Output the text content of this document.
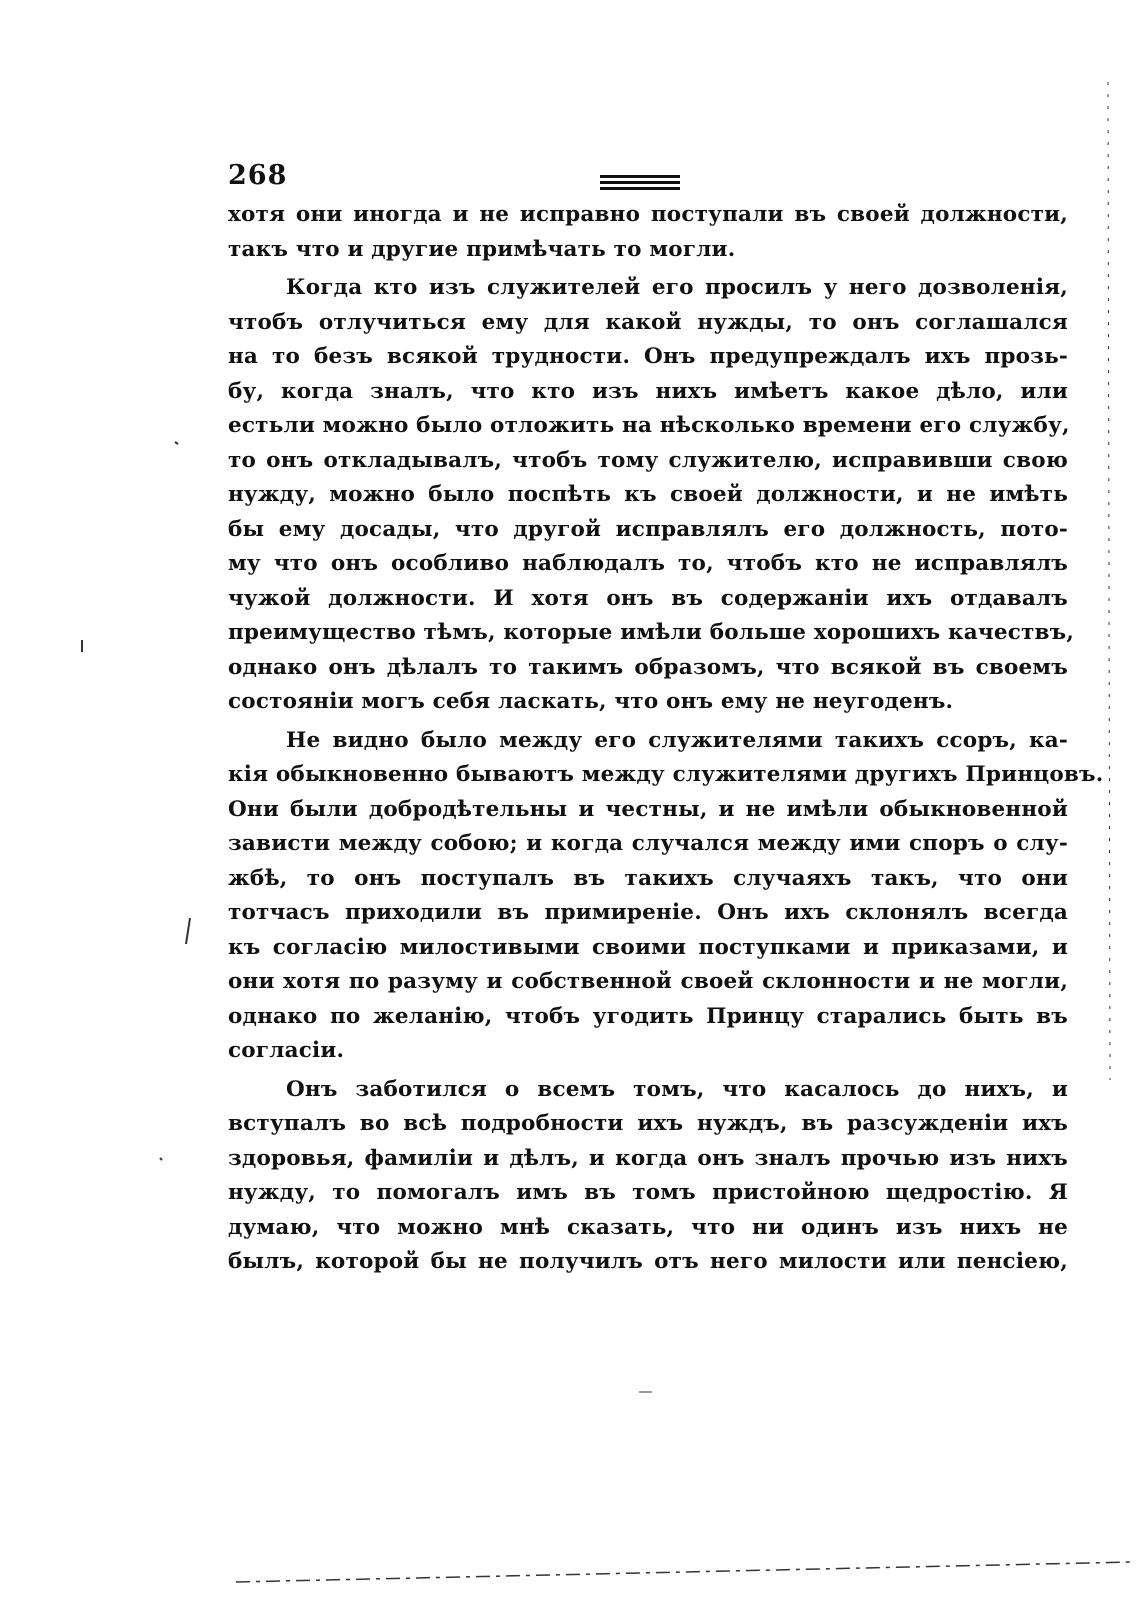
268
хотя они иногда и не исправно поступали въ своей должности,
такъ что и другие примѣчать то могли.
Когда кто изъ служителей его просилъ у него дозволенія,
чтобъ отлучиться ему для какой нужды, то онъ соглашался
на то безъ всякой трудности. Онъ предупреждалъ ихъ прозь-
бу, когда зналъ, что кто изъ нихъ имѣетъ какое дѣло, или
естьли можно было отложить на нѣсколько времени его службу,
то онъ откладывалъ, чтобъ тому служителю, исправивши свою
нужду, можно было поспѣть къ своей должности, и не имѣть
бы ему досады, что другой исправлялъ его должность, пото-
му что онъ особливо наблюдалъ то, чтобъ кто не исправлялъ
чужой должности. И хотя онъ въ содержаніи ихъ отдавалъ
преимущество тѣмъ, которые имѣли больше хорошихъ качествъ,
однако онъ дѣлалъ то такимъ образомъ, что всякой въ своемъ
состояніи могъ себя ласкать, что онъ ему не неугоденъ.
Не видно было между его служителями такихъ ссоръ, ка-
кія обыкновенно бываютъ между служителями другихъ Принцовъ.
Они были добродѣтельны и честны, и не имѣли обыкновенной
зависти между собою; и когда случался между ими споръ о слу-
жбѣ, то онъ поступалъ въ такихъ случаяхъ такъ, что они
тотчасъ приходили въ примиреніе. Онъ ихъ склонялъ всегда
къ согласію милостивыми своими поступками и приказами, и
они хотя по разуму и собственной своей склонности и не могли,
однако по желанію, чтобъ угодить Принцу старались быть въ
согласіи.
Онъ заботился о всемъ томъ, что касалось до нихъ, и
вступалъ во всѣ подробности ихъ нуждъ, въ разсужденіи ихъ
здоровья, фамиліи и дѣлъ, и когда онъ зналъ прочью изъ нихъ
нужду, то помогалъ имъ въ томъ пристойною щедростію. Я
думаю, что можно мнѣ сказать, что ни одинъ изъ нихъ не
былъ, которой бы не получилъ отъ него милости или пенсіею,
